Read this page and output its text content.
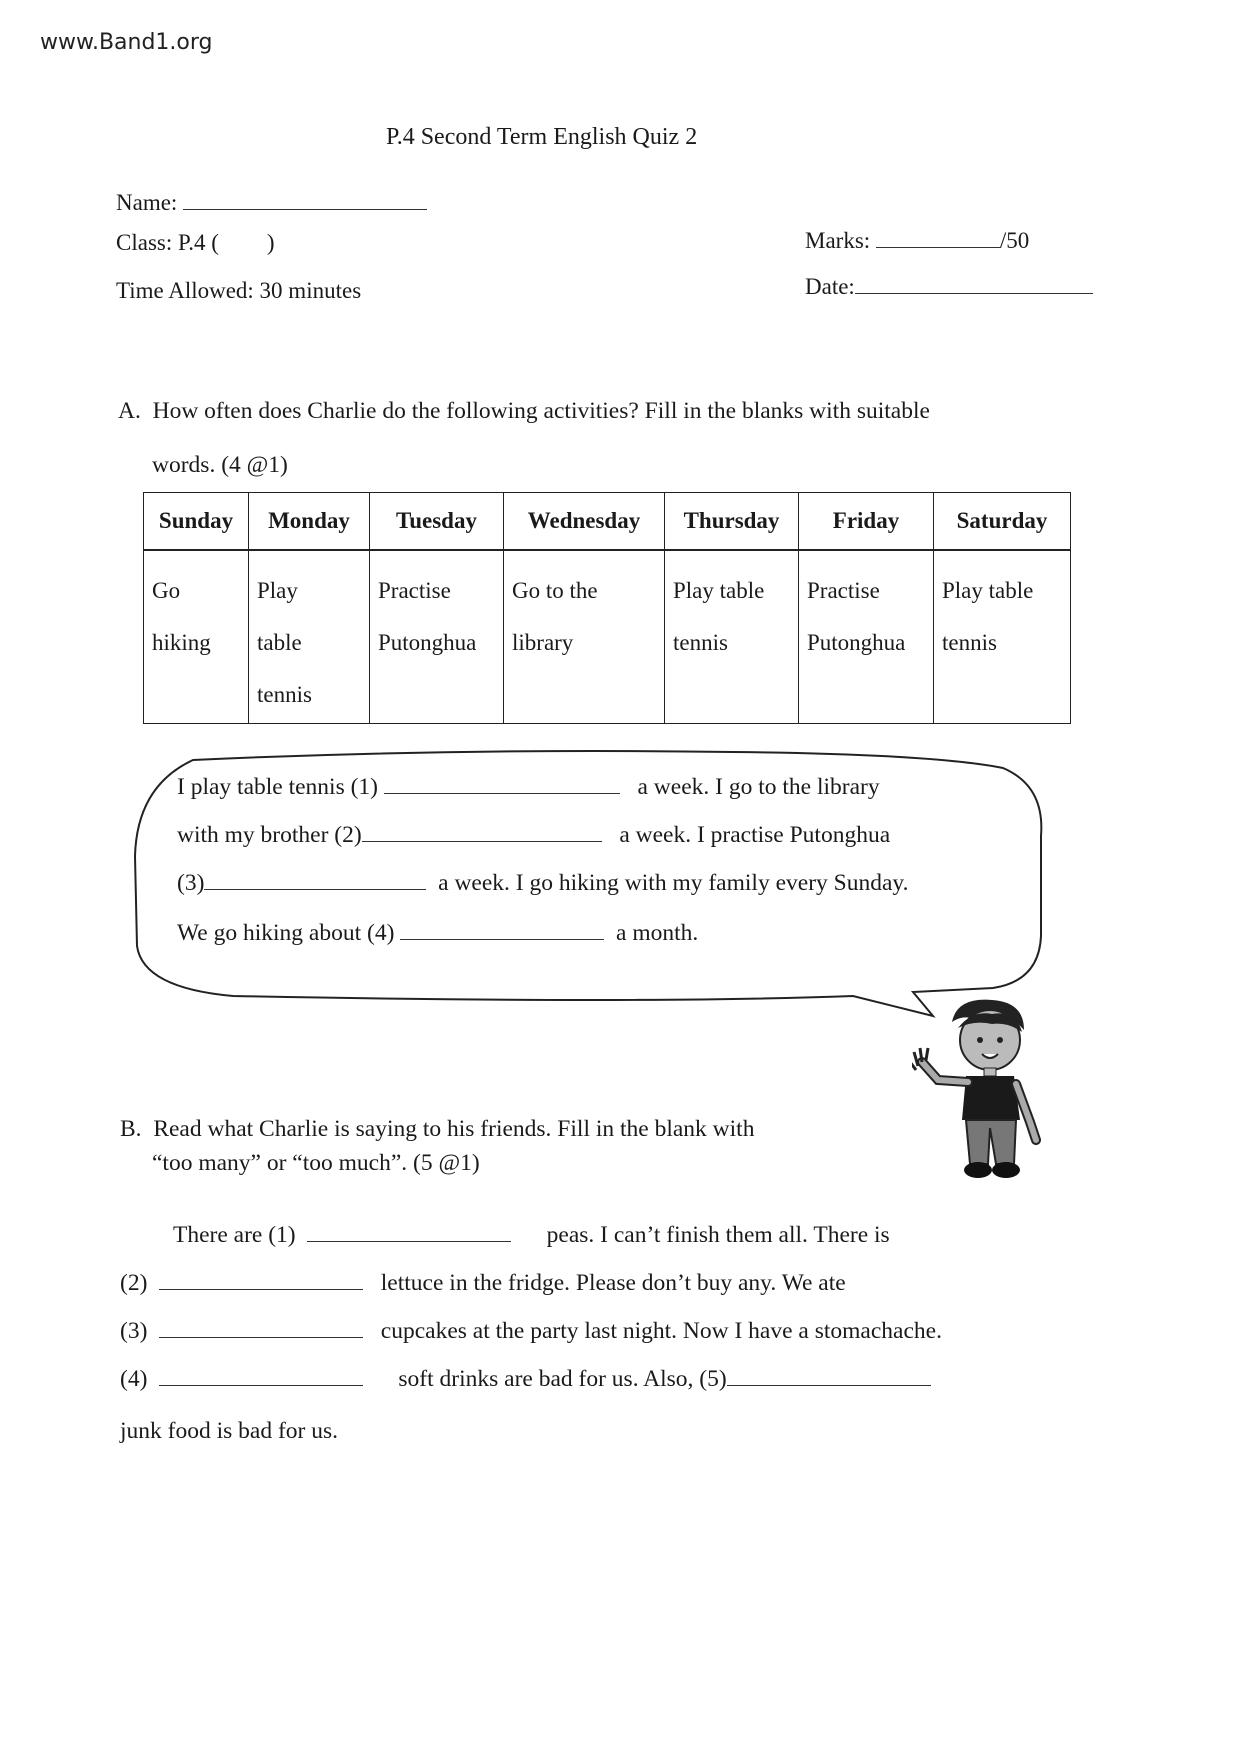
www.Band1.org
P.4 Second Term English Quiz 2
Name:
Class: P.4 ( )
Time Allowed: 30 minutes
Marks:	/50
Date:
A. How often does Charlie do the following activities? Fill in the blanks with suitable
words. (4 @1)
Sunday	Monday	Tuesday	Wednesday	Thursday	Friday	Saturday

Go
hiking

Play
table
tennis

Practise
Putonghua

Go to the
library

Play table
tennis

Practise
Putonghua

Play table
tennis
I play table tennis (1)	a week. I go to the library
with my brother (2)	a week. I practise Putonghua
(3)	a week. I go hiking with my family every Sunday.
We go hiking about (4)	a month.
B. Read what Charlie is saying to his friends. Fill in the blank with
“too many” or “too much”. (5 @1)
There are (1)	peas. I can’t finish them all. There is
(2)	lettuce in the fridge. Please don’t buy any. We ate
(3)	cupcakes at the party last night. Now I have a stomachache.
(4)	soft drinks are bad for us. Also, (5)
junk food is bad for us.
